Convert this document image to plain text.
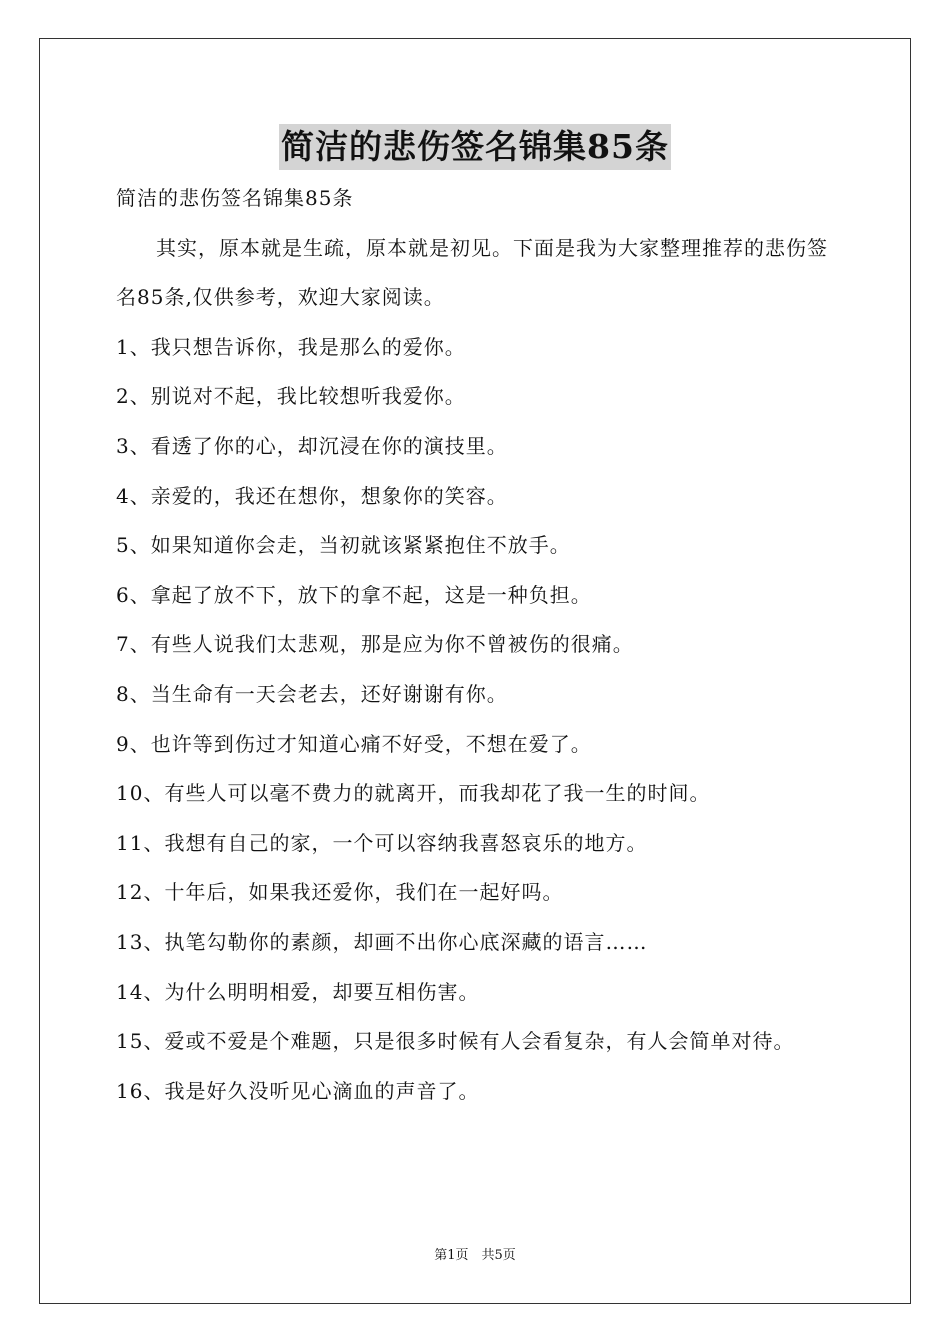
简洁的悲伤签名锦集85条

简洁的悲伤签名锦集85条

其实，原本就是生疏，原本就是初见。下面是我为大家整理推荐的悲伤签名85条,仅供参考，欢迎大家阅读。

1、我只想告诉你，我是那么的爱你。

2、别说对不起，我比较想听我爱你。

3、看透了你的心，却沉浸在你的演技里。

4、亲爱的，我还在想你，想象你的笑容。

5、如果知道你会走，当初就该紧紧抱住不放手。

6、拿起了放不下，放下的拿不起，这是一种负担。

7、有些人说我们太悲观，那是应为你不曾被伤的很痛。

8、当生命有一天会老去，还好谢谢有你。

9、也许等到伤过才知道心痛不好受，不想在爱了。

10、有些人可以毫不费力的就离开，而我却花了我一生的时间。

11、我想有自己的家，一个可以容纳我喜怒哀乐的地方。

12、十年后，如果我还爱你，我们在一起好吗。

13、执笔勾勒你的素颜，却画不出你心底深藏的语言……

14、为什么明明相爱，却要互相伤害。

15、爱或不爱是个难题，只是很多时候有人会看复杂，有人会简单对待。

16、我是好久没听见心滴血的声音了。

第1页　共5页
